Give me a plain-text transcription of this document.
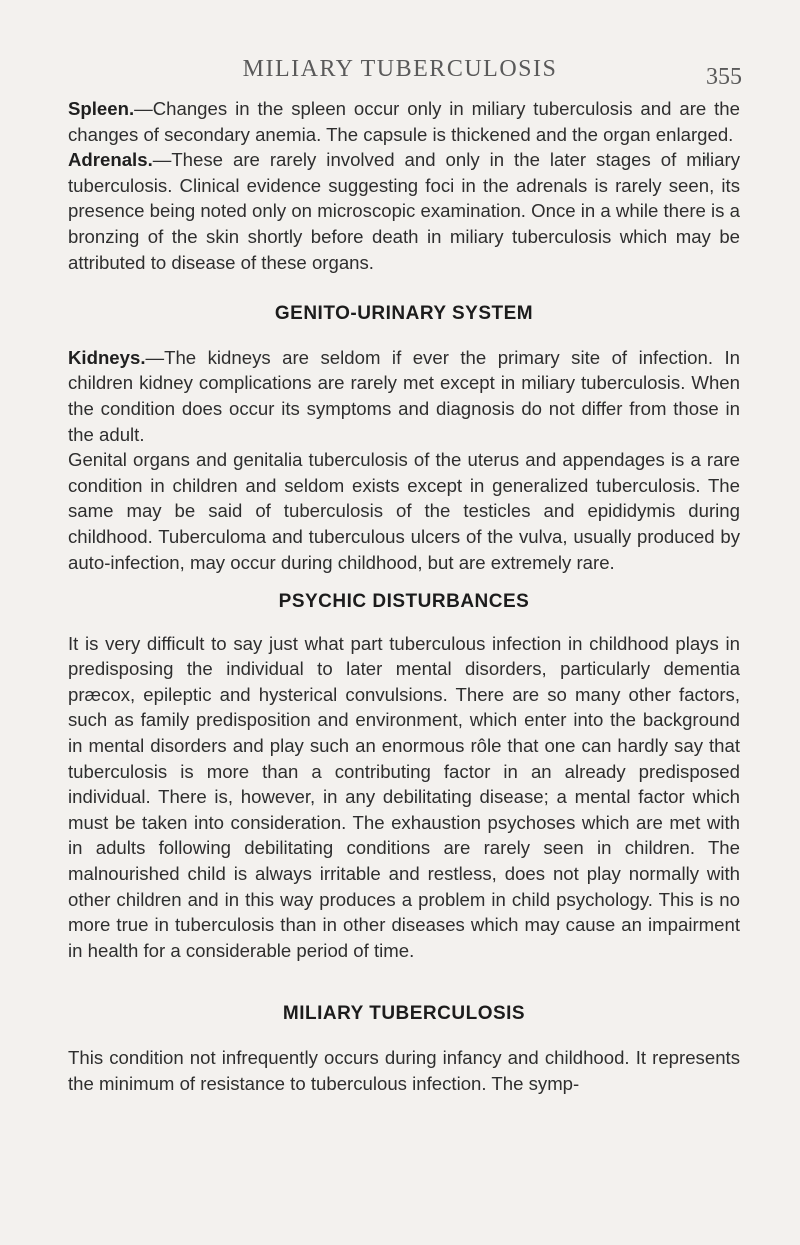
MILIARY TUBERCULOSIS	355

Spleen.—Changes in the spleen occur only in miliary tuberculosis and are the changes of secondary anemia. The capsule is thickened and the organ enlarged.

Adrenals.—These are rarely involved and only in the later stages of miliary tuberculosis. Clinical evidence suggesting foci in the adrenals is rarely seen, its presence being noted only on microscopic examination. Once in a while there is a bronzing of the skin shortly before death in miliary tuberculosis which may be attributed to disease of these organs.

GENITO-URINARY SYSTEM

Kidneys.—The kidneys are seldom if ever the primary site of infection. In children kidney complications are rarely met except in miliary tuberculosis. When the condition does occur its symptoms and diagnosis do not differ from those in the adult.

Genital organs and genitalia tuberculosis of the uterus and appendages is a rare condition in children and seldom exists except in generalized tuberculosis. The same may be said of tuberculosis of the testicles and epididymis during childhood. Tuberculoma and tuberculous ulcers of the vulva, usually produced by auto-infection, may occur during childhood, but are extremely rare.

PSYCHIC DISTURBANCES

It is very difficult to say just what part tuberculous infection in childhood plays in predisposing the individual to later mental disorders, particularly dementia præcox, epileptic and hysterical convulsions. There are so many other factors, such as family predisposition and environment, which enter into the background in mental disorders and play such an enormous rôle that one can hardly say that tuberculosis is more than a contributing factor in an already predisposed individual. There is, however, in any debilitating disease; a mental factor which must be taken into consideration. The exhaustion psychoses which are met with in adults following debilitating conditions are rarely seen in children. The malnourished child is always irritable and restless, does not play normally with other children and in this way produces a problem in child psychology. This is no more true in tuberculosis than in other diseases which may cause an impairment in health for a considerable period of time.

MILIARY TUBERCULOSIS

This condition not infrequently occurs during infancy and childhood. It represents the minimum of resistance to tuberculous infection. The symp-
